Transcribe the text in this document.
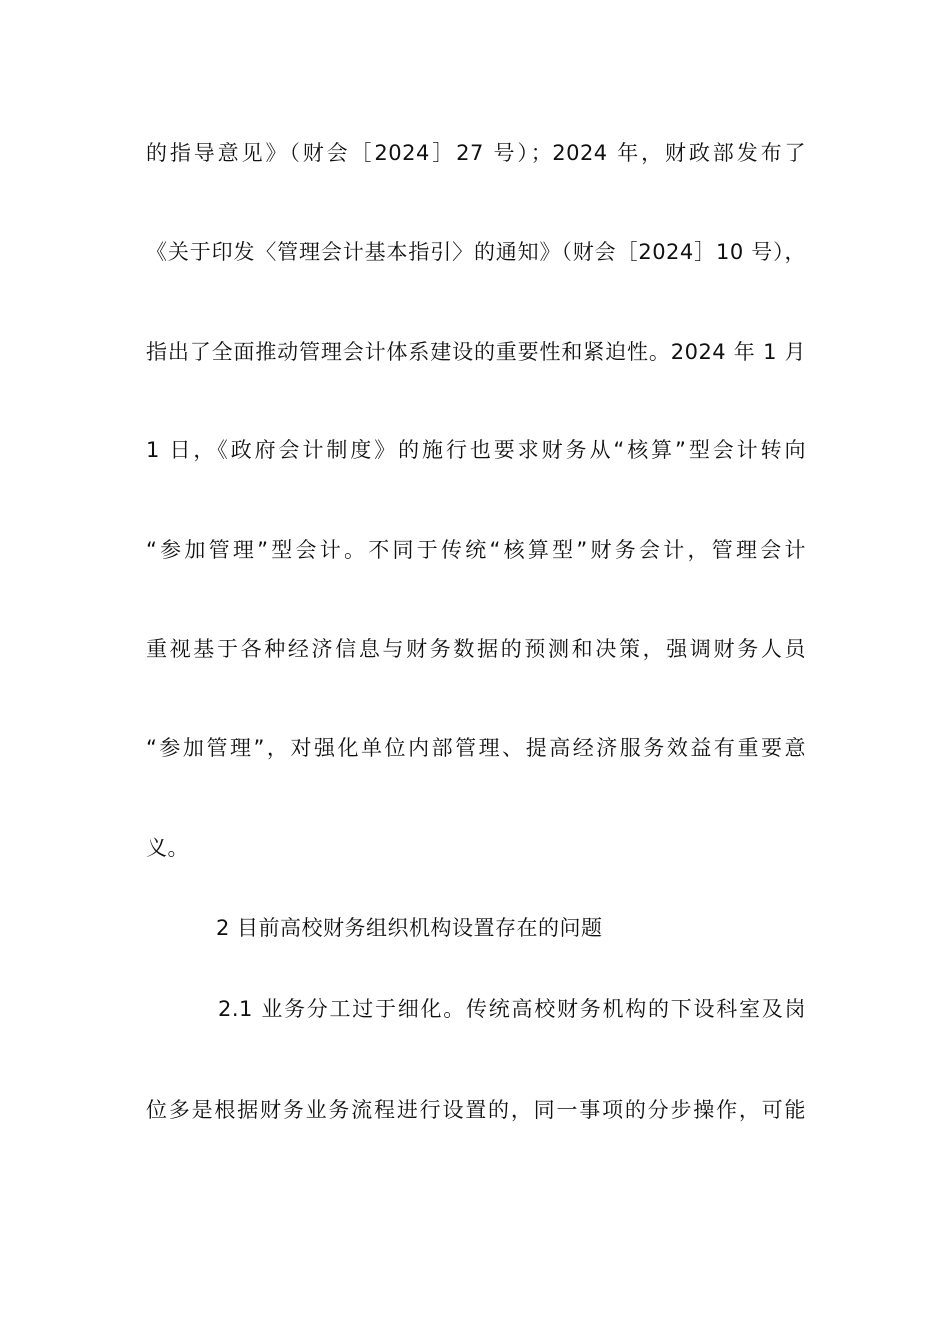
的指导意见》（财会［2024］27 号）；2024 年，财政部发布了
《关于印发〈管理会计基本指引〉的通知》（财会［2024］10 号），
指出了全面推动管理会计体系建设的重要性和紧迫性。2024 年 1 月
1 日，《政府会计制度》的施行也要求财务从“核算”型会计转向
“参加管理”型会计。不同于传统“核算型”财务会计，管理会计
重视基于各种经济信息与财务数据的预测和决策，强调财务人员
“参加管理”，对强化单位内部管理、提高经济服务效益有重要意
义。
2 目前高校财务组织机构设置存在的问题
2.1 业务分工过于细化。传统高校财务机构的下设科室及岗
位多是根据财务业务流程进行设置的，同一事项的分步操作，可能
